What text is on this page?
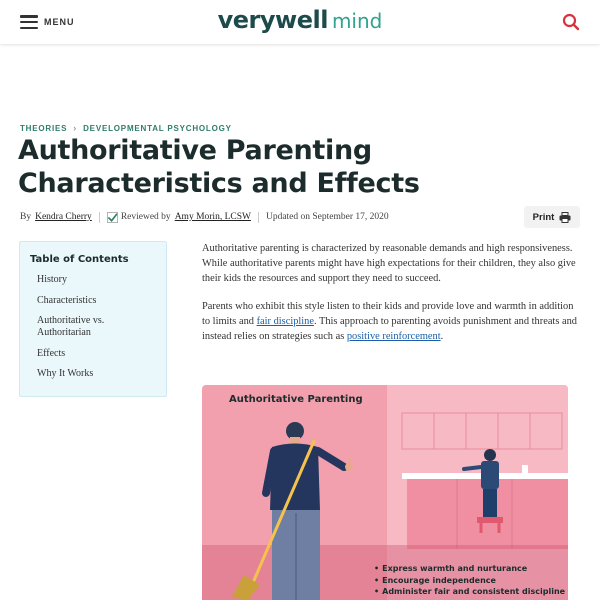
MENU	verywell mind
THEORIES › DEVELOPMENTAL PSYCHOLOGY
Authoritative Parenting Characteristics and Effects
By Kendra Cherry	Reviewed by Amy Morin, LCSW Updated on September 17, 2020	Print
Table of Contents
History
Characteristics
Authoritative vs. Authoritarian
Effects
Why It Works

Authoritative parenting is characterized by reasonable demands and high responsiveness. While authoritative parents might have high expectations for their children, they also give their kids the resources and support they need to succeed.

Parents who exhibit this style listen to their kids and provide love and warmth in addition to limits and fair discipline. This approach to parenting avoids punishment and threats and instead relies on strategies such as positive reinforcement.

Authoritative Parenting
• Express warmth and nurturance
• Encourage independence
• Administer fair and consistent discipline
